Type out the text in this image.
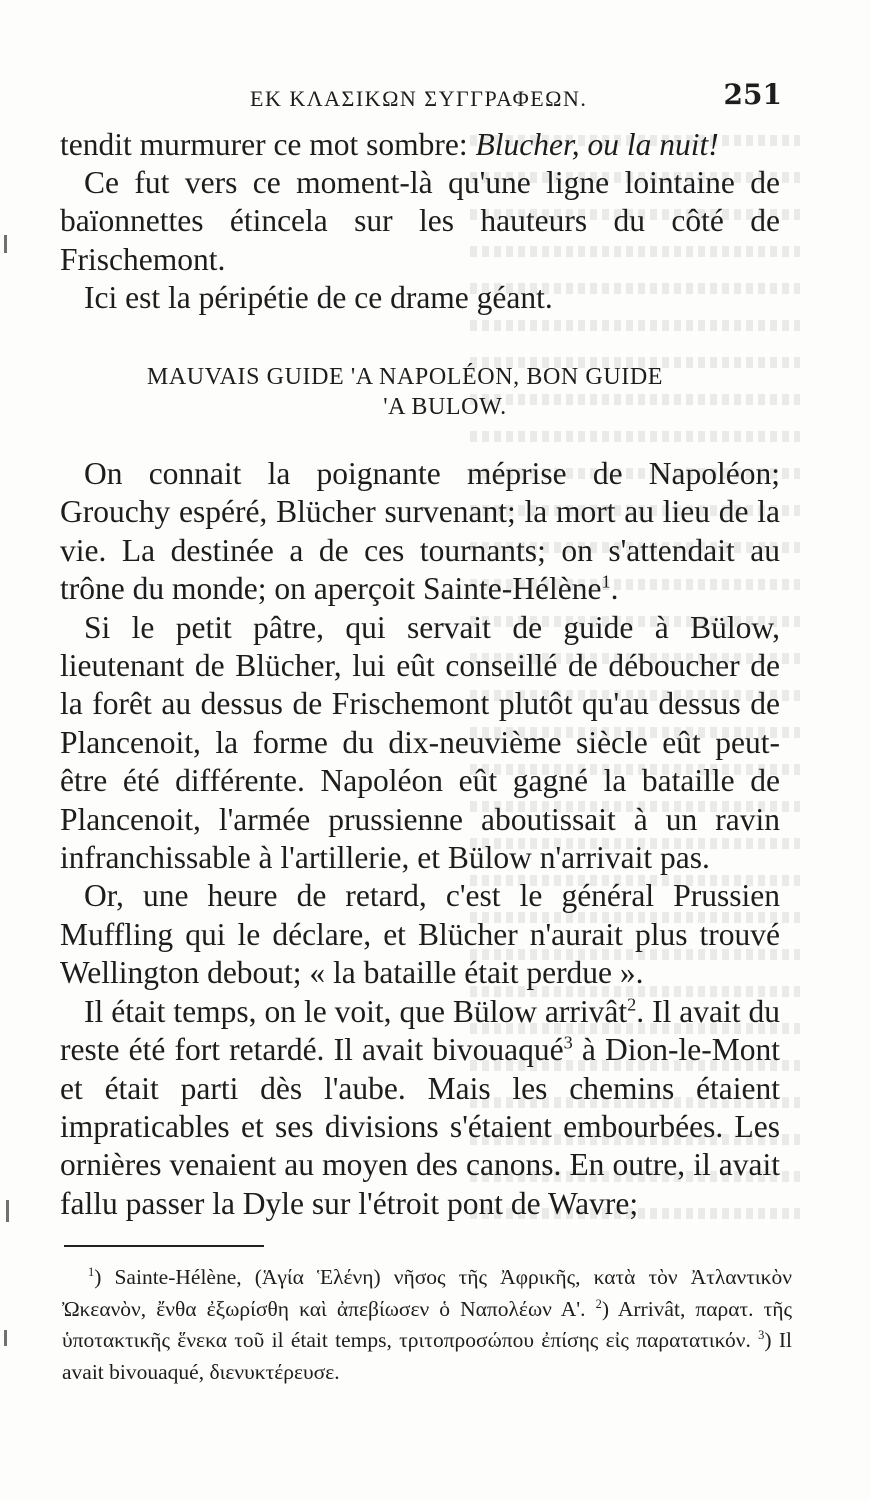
ΕΚ ΚΛΑΣΙΚΩΝ ΣΥΓΓΡΑΦΕΩΝ.	251

tendit murmurer ce mot sombre: Blucher, ou la nuit!

Ce fut vers ce moment-là qu'une ligne lointaine de baïonnettes étincela sur les hauteurs du côté de Frischemont.

Ici est la péripétie de ce drame géant.

MAUVAIS GUIDE 'A NAPOLÉON, BON GUIDE
'A BULOW.

On connait la poignante méprise de Napoléon; Grouchy espéré, Blücher survenant; la mort au lieu de la vie. La destinée a de ces tournants; on s'attendait au trône du monde; on aperçoit Sainte-Hélène$^1$.

Si le petit pâtre, qui servait de guide à Bülow, lieutenant de Blücher, lui eût conseillé de déboucher de la forêt au dessus de Frischemont plutôt qu'au dessus de Plancenoit, la forme du dix-neuvième siècle eût peut-être été différente. Napoléon eût gagné la bataille de Plancenoit, l'armée prussienne aboutissait à un ravin infranchissable à l'artillerie, et Bülow n'arrivait pas.

Or, une heure de retard, c'est le général Prussien Muffling qui le déclare, et Blücher n'aurait plus trouvé Wellington debout; « la bataille était perdue ».

Il était temps, on le voit, que Bülow arrivât$^2$. Il avait du reste été fort retardé. Il avait bivouaqué$^3$ à Dion-le-Mont et était parti dès l'aube. Mais les chemins étaient impraticables et ses divisions s'étaient embourbées. Les ornières venaient au moyen des canons. En outre, il avait fallu passer la Dyle sur l'étroit pont de Wavre;

$^1$) Sainte-Hélène, (Ἁγία Ἑλένη) νῆσος τῆς Ἀφρικῆς, κατὰ τὸν Ἀτλαντικὸν Ὠκεανὸν, ἔνθα ἐξωρίσθη καὶ ἀπεβίωσεν ὁ Ναπολέων Α'. $^2$) Arrivât, παρατ. τῆς ὑποτακτικῆς ἕνεκα τοῦ il était temps, τριτοπροσώπου ἐπίσης εἰς παρατατικόν. $^3$) Il avait bivouaqué, διενυκτέρευσε.
